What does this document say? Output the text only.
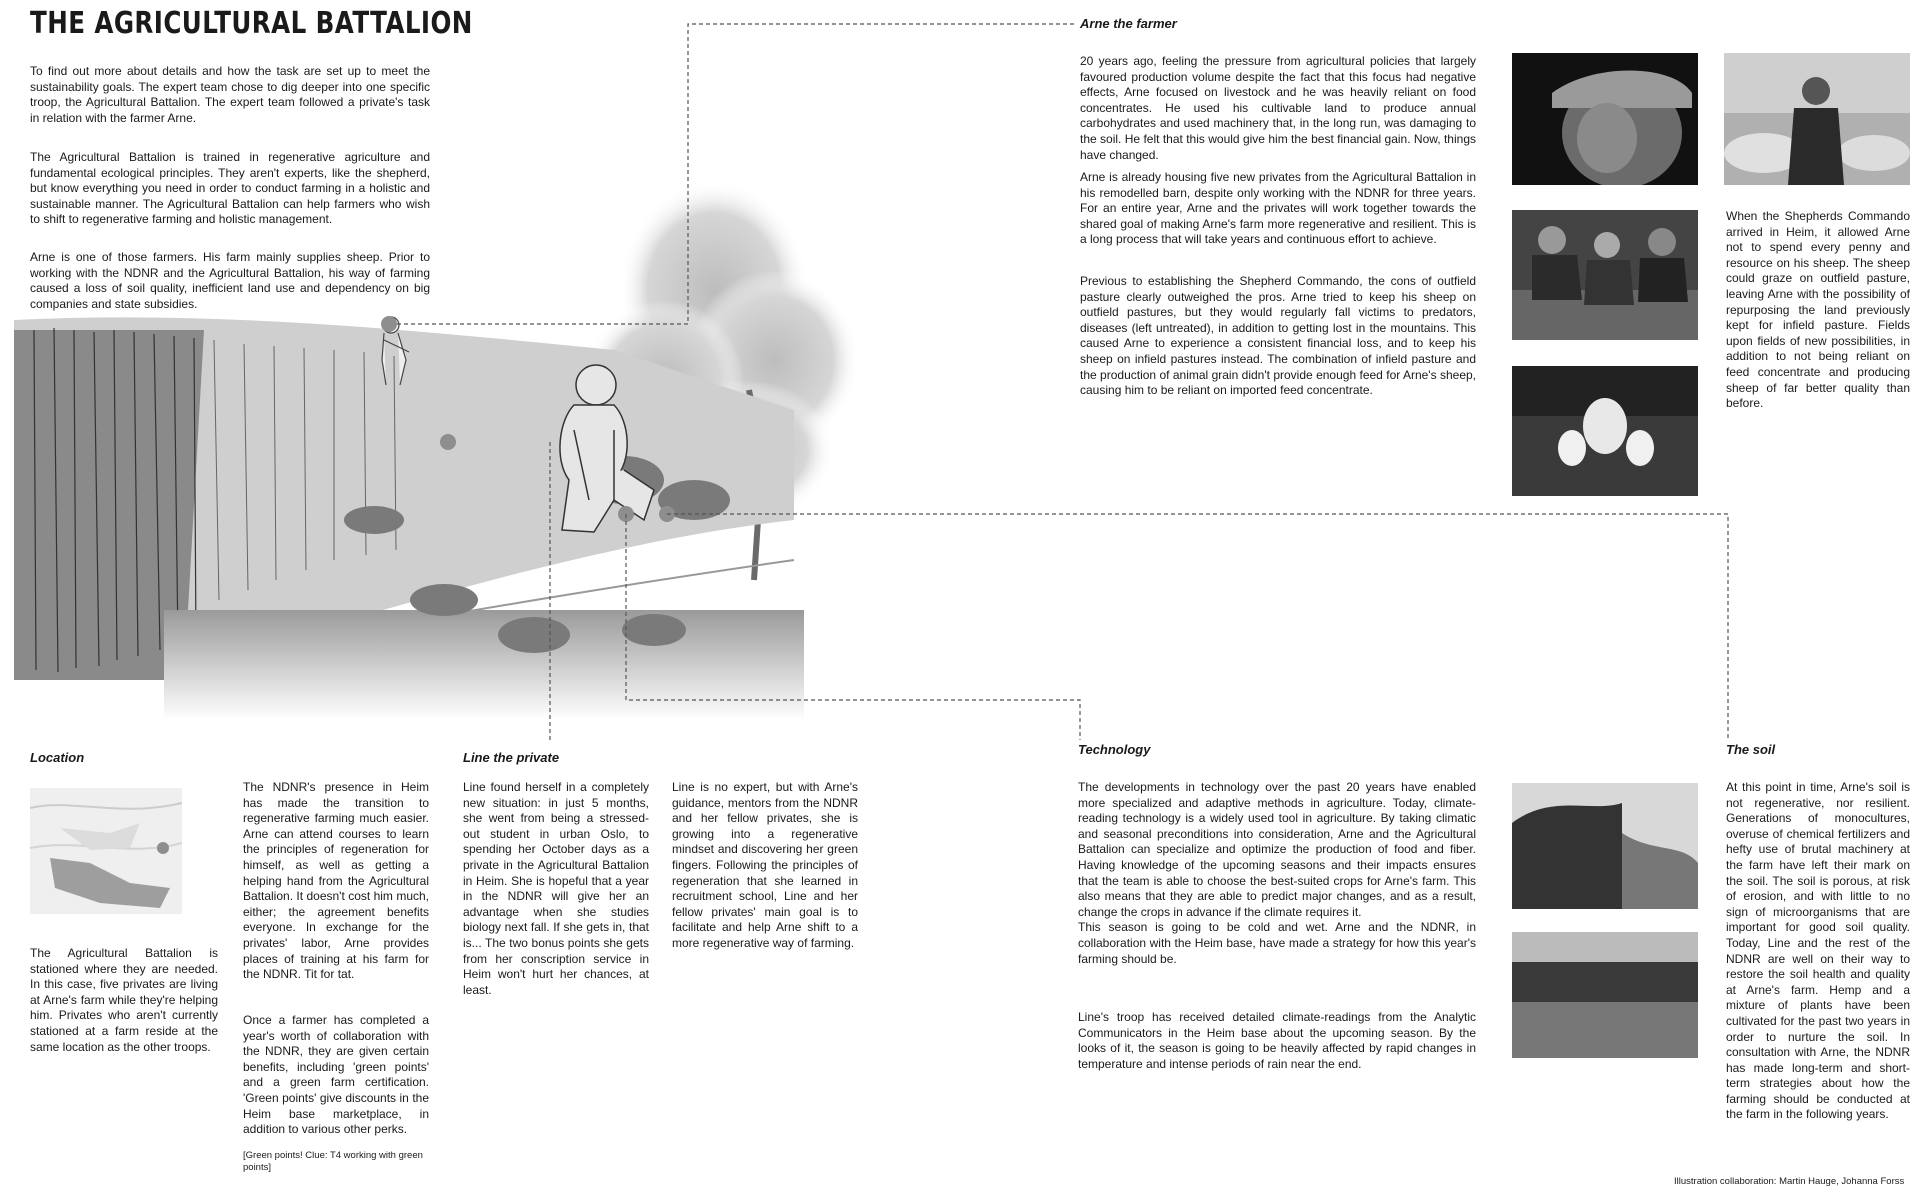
THE AGRICULTURAL BATTALION

To find out more about details and how the task are set up to meet the sustainability goals. The expert team chose to dig deeper into one specific troop, the Agricultural Battalion. The expert team followed a private's task in relation with the farmer Arne.

The Agricultural Battalion is trained in regenerative agriculture and fundamental ecological principles. They aren't experts, like the shepherd, but know everything you need in order to conduct farming in a holistic and sustainable manner. The Agricultural Battalion can help farmers who wish to shift to regenerative farming and holistic management.

Arne is one of those farmers. His farm mainly supplies sheep. Prior to working with the NDNR and the Agricultural Battalion, his way of farming caused a loss of soil quality, inefficient land use and dependency on big companies and state subsidies.

Arne the farmer

20 years ago, feeling the pressure from agricultural policies that largely favoured production volume despite the fact that this focus had negative effects, Arne focused on livestock and he was heavily reliant on food concentrates. He used his cultivable land to produce annual carbohydrates and used machinery that, in the long run, was damaging to the soil. He felt that this would give him the best financial gain. Now, things have changed.

Arne is already housing five new privates from the Agricultural Battalion in his remodelled barn, despite only working with the NDNR for three years. For an entire year, Arne and the privates will work together towards the shared goal of making Arne's farm more regenerative and resilient. This is a long process that will take years and continuous effort to achieve.

Previous to establishing the Shepherd Commando, the cons of outfield pasture clearly outweighed the pros. Arne tried to keep his sheep on outfield pastures, but they would regularly fall victims to predators, diseases (left untreated), in addition to getting lost in the mountains. This caused Arne to experience a consistent financial loss, and to keep his sheep on infield pastures instead. The combination of infield pasture and the production of animal grain didn't provide enough feed for Arne's sheep, causing him to be reliant on imported feed concentrate.

When the Shepherds Commando arrived in Heim, it allowed Arne not to spend every penny and resource on his sheep. The sheep could graze on outfield pasture, leaving Arne with the possibility of repurposing the land previously kept for infield pasture. Fields upon fields of new possibilities, in addition to not being reliant on feed concentrate and producing sheep of far better quality than before.

Location

The Agricultural Battalion is stationed where they are needed. In this case, five privates are living at Arne's farm while they're helping him. Privates who aren't currently stationed at a farm reside at the same location as the other troops.

The NDNR's presence in Heim has made the transition to regenerative farming much easier. Arne can attend courses to learn the principles of regeneration for himself, as well as getting a helping hand from the Agricultural Battalion. It doesn't cost him much, either; the agreement benefits everyone. In exchange for the privates' labor, Arne provides places of training at his farm for the NDNR. Tit for tat.

Once a farmer has completed a year's worth of collaboration with the NDNR, they are given certain benefits, including 'green points' and a green farm certification. 'Green points' give discounts in the Heim base marketplace, in addition to various other perks.

[Green points! Clue: T4 working with green points]
Line the private

Line found herself in a completely new situation: in just 5 months, she went from being a stressed-out student in urban Oslo, to spending her October days as a private in the Agricultural Battalion in Heim. She is hopeful that a year in the NDNR will give her an advantage when she studies biology next fall. If she gets in, that is... The two bonus points she gets from her conscription service in Heim won't hurt her chances, at least.

Line is no expert, but with Arne's guidance, mentors from the NDNR and her fellow privates, she is growing into a regenerative mindset and discovering her green fingers. Following the principles of regeneration that she learned in recruitment school, Line and her fellow privates' main goal is to facilitate and help Arne shift to a more regenerative way of farming.

Technology

The developments in technology over the past 20 years have enabled more specialized and adaptive methods in agriculture. Today, climate-reading technology is a widely used tool in agriculture. By taking climatic and seasonal preconditions into consideration, Arne and the Agricultural Battalion can specialize and optimize the production of food and fiber. Having knowledge of the upcoming seasons and their impacts ensures that the team is able to choose the best-suited crops for Arne's farm. This also means that they are able to predict major changes, and as a result, change the crops in advance if the climate requires it.
This season is going to be cold and wet. Arne and the NDNR, in collaboration with the Heim base, have made a strategy for how this year's farming should be.

Line's troop has received detailed climate-readings from the Analytic Communicators in the Heim base about the upcoming season. By the looks of it, the season is going to be heavily affected by rapid changes in temperature and intense periods of rain near the end.

The soil

At this point in time, Arne's soil is not regenerative, nor resilient. Generations of monocultures, overuse of chemical fertilizers and hefty use of brutal machinery at the farm have left their mark on the soil. The soil is porous, at risk of erosion, and with little to no sign of microorganisms that are important for good soil quality. Today, Line and the rest of the NDNR are well on their way to restore the soil health and quality at Arne's farm. Hemp and a mixture of plants have been cultivated for the past two years in order to nurture the soil. In consultation with Arne, the NDNR has made long-term and short-term strategies about how the farming should be conducted at the farm in the following years.

Illustration collaboration: Martin Hauge, Johanna Forss
